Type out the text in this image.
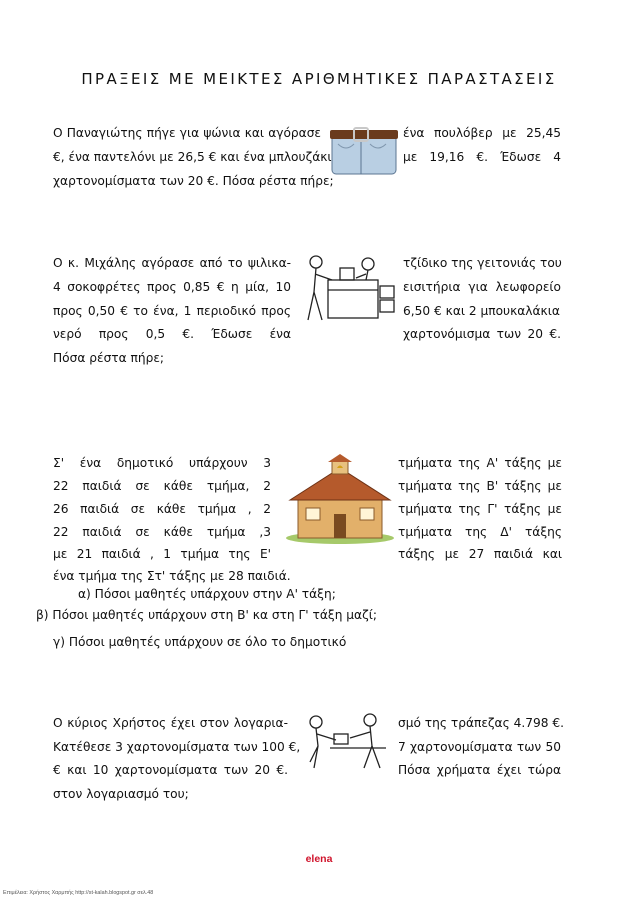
ΠΡΑΞΕΙΣ ΜΕ ΜΕΙΚΤΕΣ ΑΡΙΘΜΗΤΙΚΕΣ ΠΑΡΑΣΤΑΣΕΙΣ
Ο Παναγιώτης πήγε για ψώνια και αγόρασε
€, ένα παντελόνι με 26,5 € και ένα μπλουζάκι
χαρτονομίσματα των 20 €. Πόσα ρέστα πήρε;
ένα πουλόβερ με 25,45
με 19,16 €. Έδωσε 4
Ο κ. Μιχάλης αγόρασε από το ψιλικα-
4 σοκοφρέτες προς 0,85 € η μία, 10
προς 0,50 € το ένα, 1 περιοδικό προς
νερό προς 0,5 €. Έδωσε ένα
Πόσα ρέστα πήρε;
τζίδικο της γειτονιάς του
εισιτήρια για λεωφορείο
6,50 € και 2 μπουκαλάκια
χαρτονόμισμα των 20 €.
Σ' ένα δημοτικό υπάρχουν 3
22 παιδιά σε κάθε τμήμα, 2
26 παιδιά σε κάθε τμήμα , 2
22 παιδιά σε κάθε τμήμα ,3
με 21 παιδιά , 1 τμήμα της Ε'
ένα τμήμα της Στ' τάξης με 28 παιδιά.
τμήματα της Α' τάξης με
τμήματα της Β' τάξης με
τμήματα της Γ' τάξης με
τμήματα της Δ' τάξης
τάξης με 27 παιδιά και
α) Πόσοι μαθητές υπάρχουν στην Α' τάξη;
β) Πόσοι μαθητές υπάρχουν στη Β' κα στη Γ' τάξη μαζί;
γ) Πόσοι μαθητές υπάρχουν σε όλο το δημοτικό
Ο κύριος Χρήστος έχει στον λογαρια-
Κατέθεσε 3 χαρτονομίσματα των 100 €,
€ και 10 χαρτονομίσματα των 20 €.
στον λογαριασμό του;
σμό της τράπεζας 4.798 €.
7 χαρτονομίσματα των 50
Πόσα χρήματα έχει τώρα
elena
Επιμέλεια: Χρήστος Χαρμπής http://st-kalah.blogspot.gr σελ.48
